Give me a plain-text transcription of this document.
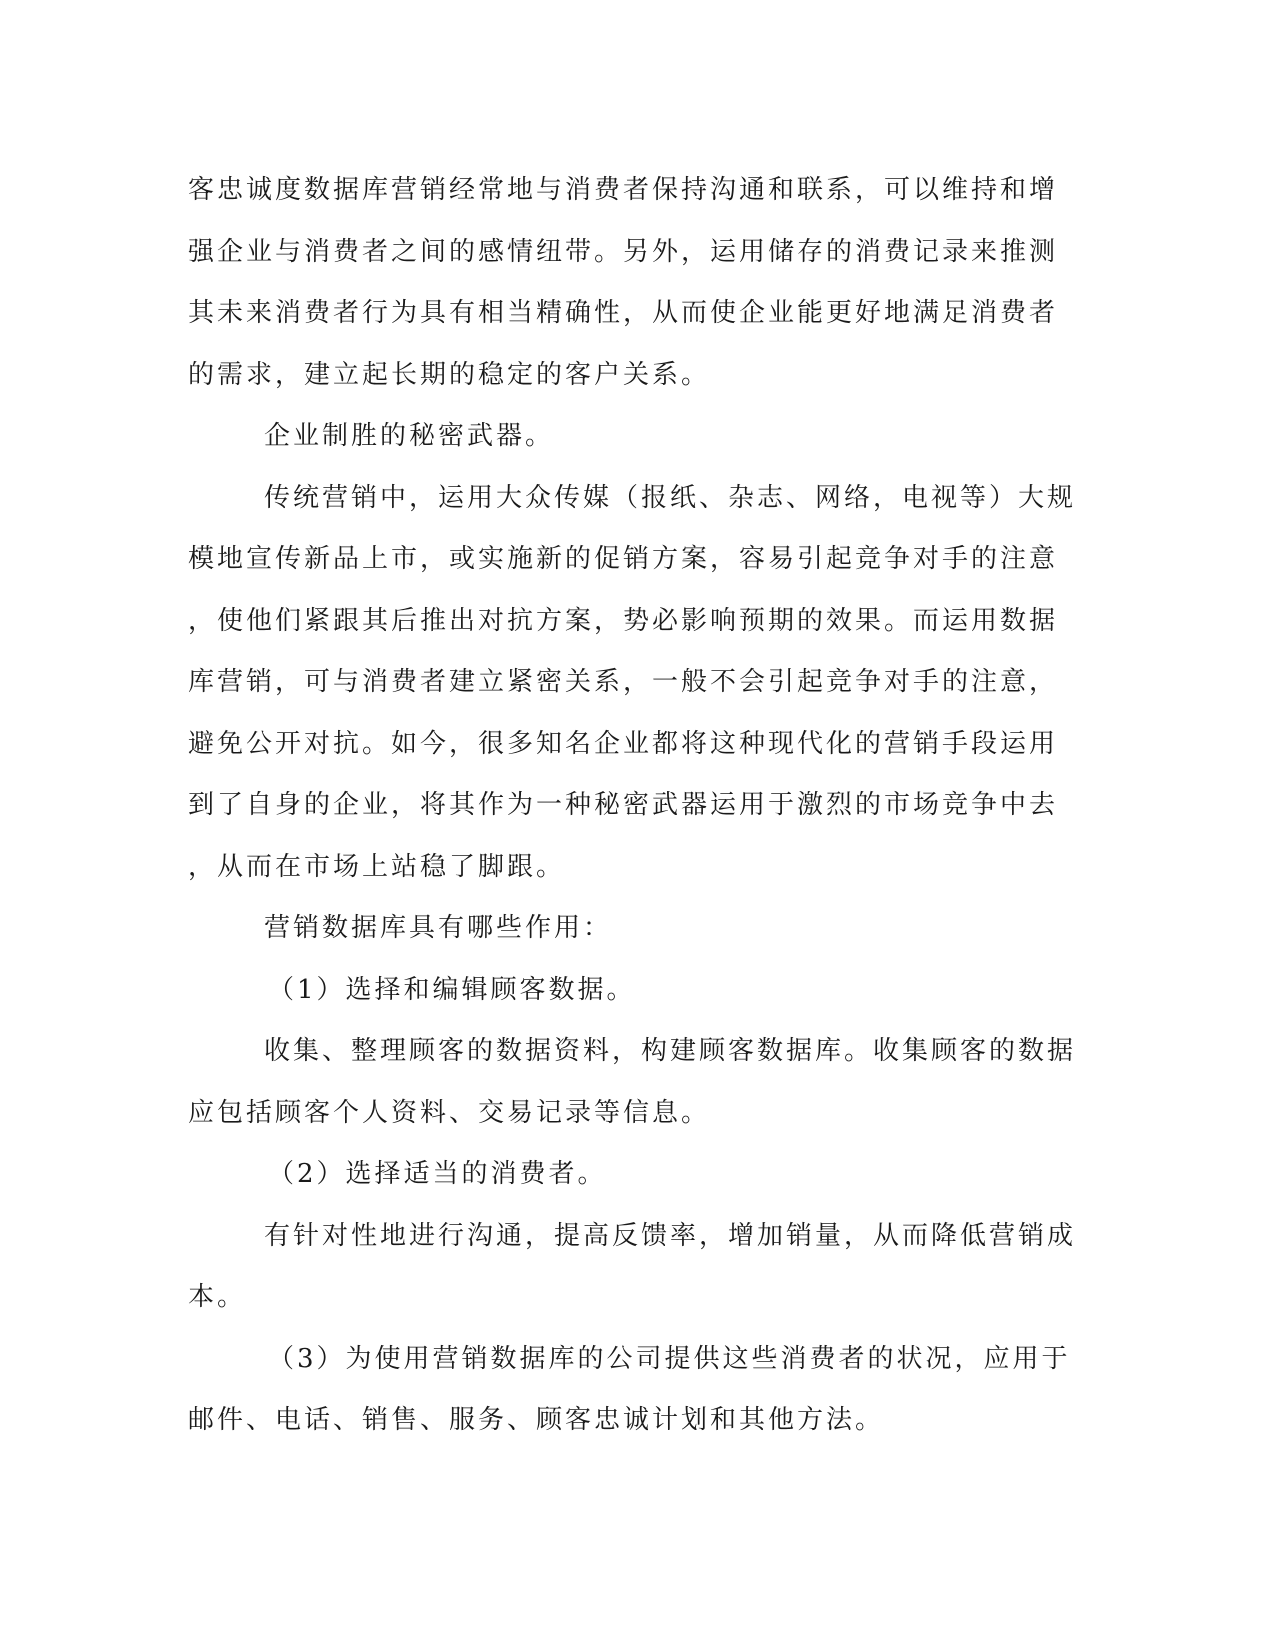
客忠诚度数据库营销经常地与消费者保持沟通和联系，可以维持和增
强企业与消费者之间的感情纽带。另外，运用储存的消费记录来推测
其未来消费者行为具有相当精确性，从而使企业能更好地满足消费者
的需求，建立起长期的稳定的客户关系。
企业制胜的秘密武器。
传统营销中，运用大众传媒（报纸、杂志、网络，电视等）大规
模地宣传新品上市，或实施新的促销方案，容易引起竞争对手的注意
，使他们紧跟其后推出对抗方案，势必影响预期的效果。而运用数据
库营销，可与消费者建立紧密关系，一般不会引起竞争对手的注意，
避免公开对抗。如今，很多知名企业都将这种现代化的营销手段运用
到了自身的企业，将其作为一种秘密武器运用于激烈的市场竞争中去
，从而在市场上站稳了脚跟。
营销数据库具有哪些作用：
（1）选择和编辑顾客数据。
收集、整理顾客的数据资料，构建顾客数据库。收集顾客的数据
应包括顾客个人资料、交易记录等信息。
（2）选择适当的消费者。
有针对性地进行沟通，提高反馈率，增加销量，从而降低营销成
本。
（3）为使用营销数据库的公司提供这些消费者的状况，应用于
邮件、电话、销售、服务、顾客忠诚计划和其他方法。
